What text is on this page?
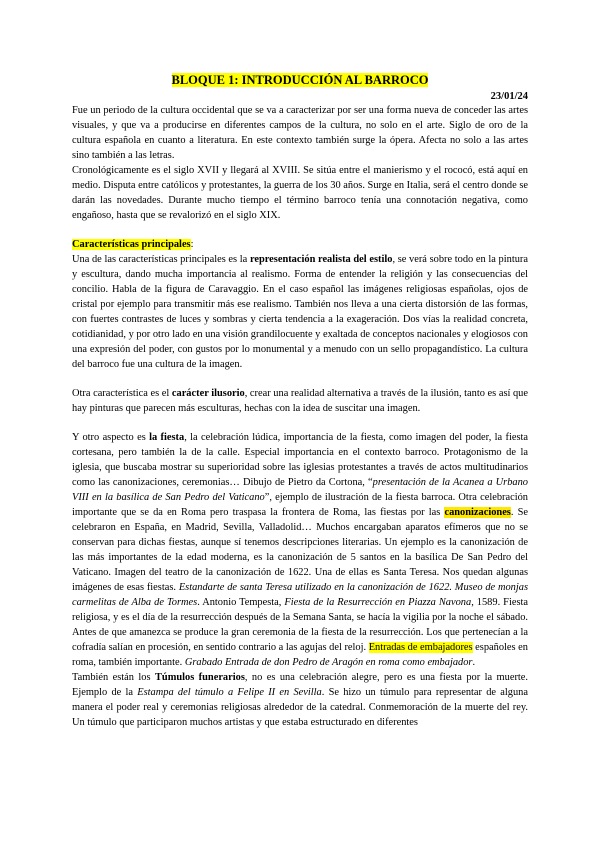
BLOQUE 1: INTRODUCCIÓN AL BARROCO
23/01/24

Fue un periodo de la cultura occidental que se va a caracterizar por ser una forma nueva de conceder las artes visuales, y que va a producirse en diferentes campos de la cultura, no solo en el arte. Siglo de oro de la cultura española en cuanto a literatura. En este contexto también surge la ópera. Afecta no solo a las artes sino también a las letras.

Cronológicamente es el siglo XVII y llegará al XVIII. Se sitúa entre el manierismo y el rococó, está aquí en medio. Disputa entre católicos y protestantes, la guerra de los 30 años. Surge en Italia, será el centro donde se darán las novedades. Durante mucho tiempo el término barroco tenía una connotación negativa, como engañoso, hasta que se revalorizó en el siglo XIX.

Características principales:

Una de las características principales es la representación realista del estilo, se verá sobre todo en la pintura y escultura, dando mucha importancia al realismo. Forma de entender la religión y las consecuencias del concilio. Habla de la figura de Caravaggio. En el caso español las imágenes religiosas españolas, ojos de cristal por ejemplo para transmitir más ese realismo. También nos lleva a una cierta distorsión de las formas, con fuertes contrastes de luces y sombras y cierta tendencia a la exageración. Dos vías la realidad concreta, cotidianidad, y por otro lado en una visión grandilocuente y exaltada de conceptos nacionales y elogiosos con una expresión del poder, con gustos por lo monumental y a menudo con un sello propagandístico. La cultura del barroco fue una cultura de la imagen.

Otra característica es el carácter ilusorio, crear una realidad alternativa a través de la ilusión, tanto es así que hay pinturas que parecen más esculturas, hechas con la idea de suscitar una imagen.

Y otro aspecto es la fiesta, la celebración lúdica, importancia de la fiesta, como imagen del poder, la fiesta cortesana, pero también la de la calle. Especial importancia en el contexto barroco. Protagonismo de la iglesia, que buscaba mostrar su superioridad sobre las iglesias protestantes a través de actos multitudinarios como las canonizaciones, ceremonias… Dibujo de Pietro da Cortona, “presentación de la Acanea a Urbano VIII en la basílica de San Pedro del Vaticano”, ejemplo de ilustración de la fiesta barroca. Otra celebración importante que se da en Roma pero traspasa la frontera de Roma, las fiestas por las canonizaciones. Se celebraron en España, en Madrid, Sevilla, Valladolid… Muchos encargaban aparatos efímeros que no se conservan para dichas fiestas, aunque sí tenemos descripciones literarias. Un ejemplo es la canonización de las más importantes de la edad moderna, es la canonización de 5 santos en la basílica De San Pedro del Vaticano. Imagen del teatro de la canonización de 1622. Una de ellas es Santa Teresa. Nos quedan algunas imágenes de esas fiestas. Estandarte de santa Teresa utilizado en la canonización de 1622. Museo de monjas carmelitas de Alba de Tormes. Antonio Tempesta, Fiesta de la Resurrección en Piazza Navona, 1589. Fiesta religiosa, y es el día de la resurrección después de la Semana Santa, se hacía la vigilia por la noche el sábado. Antes de que amanezca se produce la gran ceremonia de la fiesta de la resurrección. Los que pertenecían a la cofradía salían en procesión, en sentido contrario a las agujas del reloj. Entradas de embajadores españoles en roma, también importante. Grabado Entrada de don Pedro de Aragón en roma como embajador.

También están los Túmulos funerarios, no es una celebración alegre, pero es una fiesta por la muerte. Ejemplo de la Estampa del túmulo a Felipe II en Sevilla. Se hizo un túmulo para representar de alguna manera el poder real y ceremonias religiosas alrededor de la catedral. Conmemoración de la muerte del rey. Un túmulo que participaron muchos artistas y que estaba estructurado en diferentes
